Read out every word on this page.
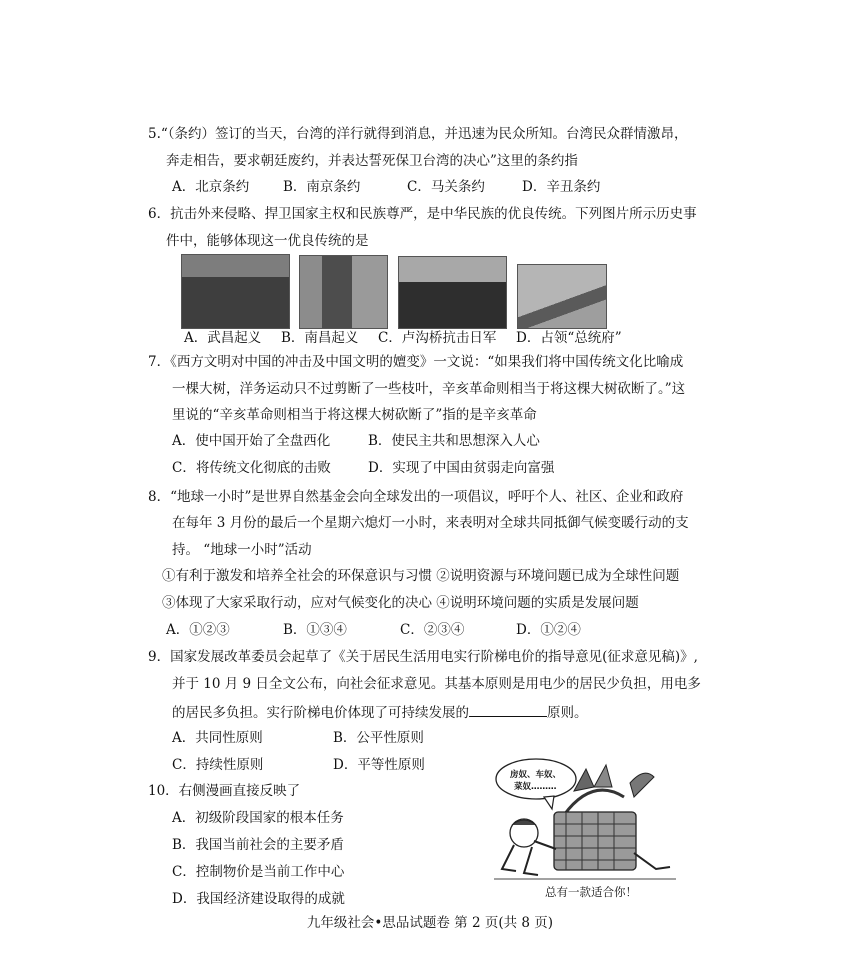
5.“（条约）签订的当天，台湾的洋行就得到消息，并迅速为民众所知。台湾民众群情激昂，
奔走相告，要求朝廷废约，并表达誓死保卫台湾的决心”这里的条约指
A．北京条约	B．南京条约	C．马关条约	D．辛丑条约
6．抗击外来侵略、捍卫国家主权和民族尊严，是中华民族的优良传统。下列图片所示历史事
件中，能够体现这一优良传统的是
A．武昌起义 B．南昌起义 C．卢沟桥抗击日军 D．占领“总统府”
7．《西方文明对中国的冲击及中国文明的嬗变》一文说：“如果我们将中国传统文化比喻成
一棵大树，洋务运动只不过剪断了一些枝叶，辛亥革命则相当于将这棵大树砍断了。”这
里说的“辛亥革命则相当于将这棵大树砍断了”指的是辛亥革命
A．使中国开始了全盘西化	B．使民主共和思想深入人心
C．将传统文化彻底的击败	D．实现了中国由贫弱走向富强
8．“地球一小时”是世界自然基金会向全球发出的一项倡议，呼吁个人、社区、企业和政府
在每年 3 月份的最后一个星期六熄灯一小时，来表明对全球共同抵御气候变暖行动的支
持。 “地球一小时”活动
①有利于激发和培养全社会的环保意识与习惯 ②说明资源与环境问题已成为全球性问题
③体现了大家采取行动，应对气候变化的决心 ④说明环境问题的实质是发展问题
A．①②③	B．①③④	C．②③④	D．①②④
9．国家发展改革委员会起草了《关于居民生活用电实行阶梯电价的指导意见(征求意见稿)》,
并于 10 月 9 日全文公布，向社会征求意见。其基本原则是用电少的居民少负担，用电多
的居民多负担。实行阶梯电价体现了可持续发展的	原则。
A．共同性原则	B．公平性原则
C．持续性原则	D．平等性原则
10．右侧漫画直接反映了
A．初级阶段国家的根本任务
B．我国当前社会的主要矛盾
C．控制物价是当前工作中心
D．我国经济建设取得的成就
房奴、车奴、
菜奴………
总有一款适合你！
九年级社会•思品试题卷 第 2 页(共 8 页)
